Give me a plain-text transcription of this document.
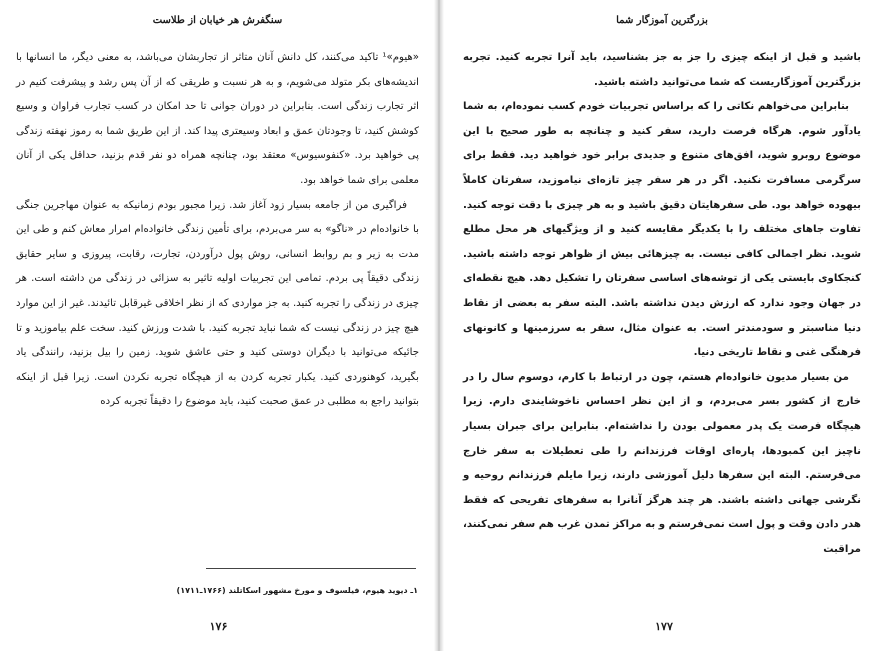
سنگفرش هر خیابان از طلاست

«هیوم»¹ تاکید می‌کنند، کل دانش آنان متاثر از تجاربشان می‌باشد، به معنی دیگر، ما انسانها با اندیشه‌های بکر متولد می‌شویم، و به هر نسبت و طریقی که از آن پس رشد و پیشرفت کنیم در اثر تجارب زندگی است. بنابراین در دوران جوانی تا حد امکان در کسب تجارب فراوان و وسیع کوشش کنید، تا وجودتان عمق و ابعاد وسیعتری پیدا کند. از این طریق شما به رموز نهفته زندگی پی خواهید برد. «کنفوسیوس» معتقد بود، چنانچه همراه دو نفر قدم بزنید، حداقل یکی از آنان معلمی برای شما خواهد بود.

فراگیری من از جامعه بسیار زود آغاز شد. زیرا مجبور بودم زمانیکه به عنوان مهاجرین جنگی با خانواده‌ام در «ناگو» به سر می‌بردم، برای تأمین زندگی خانواده‌ام امرار معاش کنم و طی این مدت به زیر و بم روابط انسانی، روش پول درآوردن، تجارت، رقابت، پیروزی و سایر حقایق زندگی دقیقاً پی بردم. تمامی این تجربیات اولیه تاثیر به سزائی در زندگی من داشته است. هر چیزی در زندگی را تجربه کنید. به جز مواردی که از نظر اخلاقی غیرقابل تائیدند. غیر از این موارد هیچ چیز در زندگی نیست که شما نباید تجربه کنید. با شدت ورزش کنید. سخت علم بیاموزید و تا جائیکه می‌توانید با دیگران دوستی کنید و حتی عاشق شوید. زمین را بیل بزنید، رانندگی یاد بگیرید، کوهنوردی کنید. یکبار تجربه کردن به از هیچگاه تجربه نکردن است. زیرا قبل از اینکه بتوانید راجع به مطلبی در عمق صحبت کنید، باید موضوع را دقیقاً تجربه کرده

۱ـ دیوید هیوم، فیلسوف و مورخ مشهور اسکاتلند (۱۷۶۶ـ۱۷۱۱)
۱۷۶
بزرگترین آموزگار شما

باشید و قبل از اینکه چیزی را جز به جز بشناسید، باید آنرا تجربه کنید. تجربه بزرگترین آموزگاریست که شما می‌توانید داشته باشید.

بنابراین می‌خواهم نکاتی را که براساس تجربیات خودم کسب نموده‌ام، به شما یادآور شوم. هرگاه فرصت دارید، سفر کنید و چنانچه به طور صحیح با این موضوع روبرو شوید، افق‌های متنوع و جدیدی برابر خود خواهید دید. فقط برای سرگرمی مسافرت نکنید. اگر در هر سفر چیز تازه‌ای نیاموزید، سفرتان کاملاً بیهوده خواهد بود. طی سفرهایتان دقیق باشید و به هر چیزی با دقت توجه کنید. تفاوت جاهای مختلف را با یکدیگر مقایسه کنید و از ویژگیهای هر محل مطلع شوید. نظر اجمالی کافی نیست. به چیزهائی بیش از ظواهر توجه داشته باشید. کنجکاوی بایستی یکی از توشه‌های اساسی سفرتان را تشکیل دهد. هیچ نقطه‌ای در جهان وجود ندارد که ارزش دیدن نداشته باشد. البته سفر به بعضی از نقاط دنیا مناسبتر و سودمندتر است. به عنوان مثال، سفر به سرزمینها و کانونهای فرهنگی غنی و نقاط تاریخی دنیا.

من بسیار مدیون خانواده‌ام هستم، چون در ارتباط با کارم، دوسوم سال را در خارج از کشور بسر می‌بردم، و از این نظر احساس ناخوشایندی دارم. زیرا هیچگاه فرصت یک پدر معمولی بودن را نداشته‌ام. بنابراین برای جبران بسیار ناچیز این کمبودها، پاره‌ای اوقات فرزندانم را طی تعطیلات به سفر خارج می‌فرستم. البته این سفرها دلیل آموزشی دارند، زیرا مایلم فرزندانم روحیه و نگرشی جهانی داشته باشند. هر چند هرگز آنانرا به سفرهای تفریحی که فقط هدر دادن وقت و پول است نمی‌فرستم و به مراکز تمدن غرب هم سفر نمی‌کنند، مراقبت

۱۷۷
